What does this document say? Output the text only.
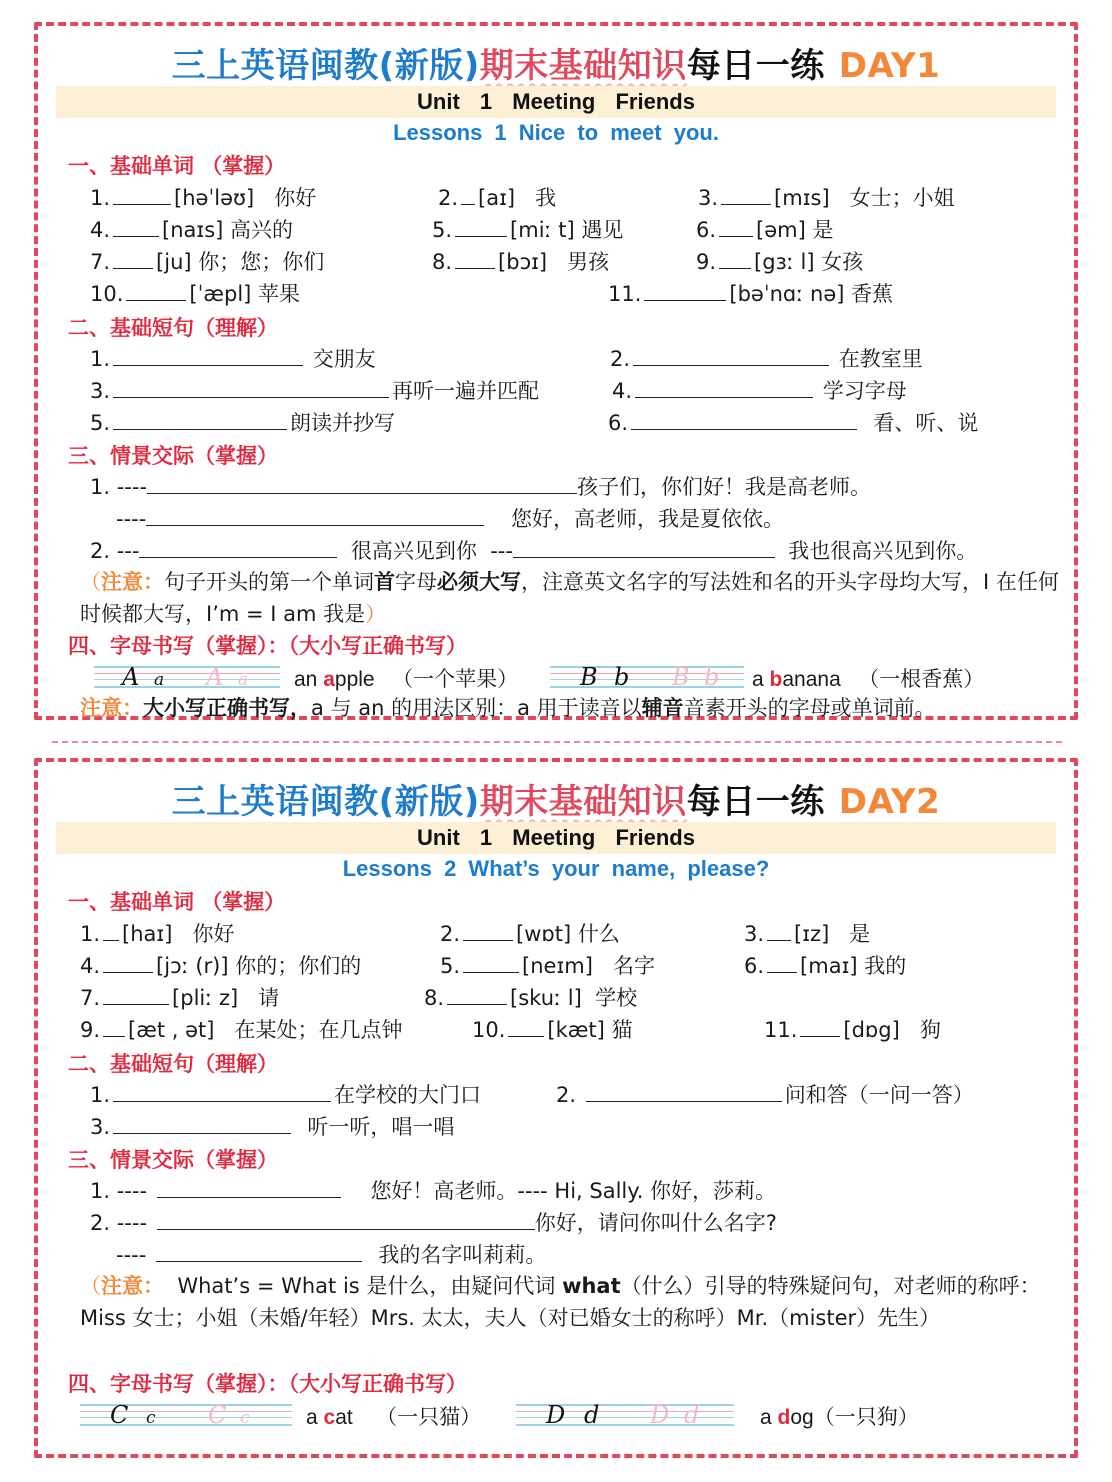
三上英语闽教(新版)期末基础知识每日一练 DAY1
Unit 1 Meeting Friends
Lessons 1 Nice to meet you.
一、基础单词 （掌握）
1.	[həˈləʊ] 你好	2. [aɪ] 我	3.	[mɪs] 女士；小姐
4. [naɪs] 高兴的	5.	[miː t] 遇见	6. [əm] 是
7. [ju] 你；您；你们	8. [bɔɪ] 男孩	9. [gɜː l] 女孩
10.	[ˈæpl] 苹果	11.	[bəˈnɑː nə] 香蕉
二、基础短句（理解）
1.	交朋友	2.	在教室里
3.	再听一遍并匹配	4.	学习字母
5.	朗读并抄写	6.	看、听、说
三、情景交际（掌握）
1. ----	孩子们，你们好！我是高老师。
----	您好，高老师，我是夏依依。
2. ---	很高兴见到你 ---	我也很高兴见到你。
（注意：句子开头的第一个单词首字母必须大写，注意英文名字的写法姓和名的开头字母均大写，I 在任何时候都大写，I’m = I am 我是）
四、字母书写（掌握）：（大小写正确书写）
A a A a an apple （一个苹果）	B b B b a banana （一根香蕉）
注意：大小写正确书写，a 与 an 的用法区别：a 用于读音以辅音音素开头的字母或单词前。
三上英语闽教(新版)期末基础知识每日一练 DAY2
Unit 1 Meeting Friends
Lessons 2 What’s your name, please?
一、基础单词 （掌握）
1. [haɪ] 你好	2.	[wɒt] 什么	3. [ɪz] 是
4.	[jɔː (r)] 你的；你们的	5.	[neɪm] 名字	6. [maɪ] 我的
7.	[pliː z] 请	8.	[skuː l] 学校
9. [æt , ət] 在某处；在几点钟	10. [kæt] 猫	11. [dɒg] 狗
二、基础短句（理解）
1.	在学校的大门口	2.	问和答（一问一答）
3.	听一听，唱一唱
三、情景交际（掌握）
1. ----	您好！高老师。---- Hi, Sally. 你好，莎莉。
2. ----	你好，请问你叫什么名字?
----	我的名字叫莉莉。
（注意： What’s = What is 是什么，由疑问代词 what（什么）引导的特殊疑问句，对老师的称呼：Miss 女士；小姐（未婚/年轻）Mrs. 太太，夫人（对已婚女士的称呼）Mr.（mister）先生）
四、字母书写（掌握）：（大小写正确书写）
C c C c	a cat （一只猫）	D d D d	a dog（一只狗）
